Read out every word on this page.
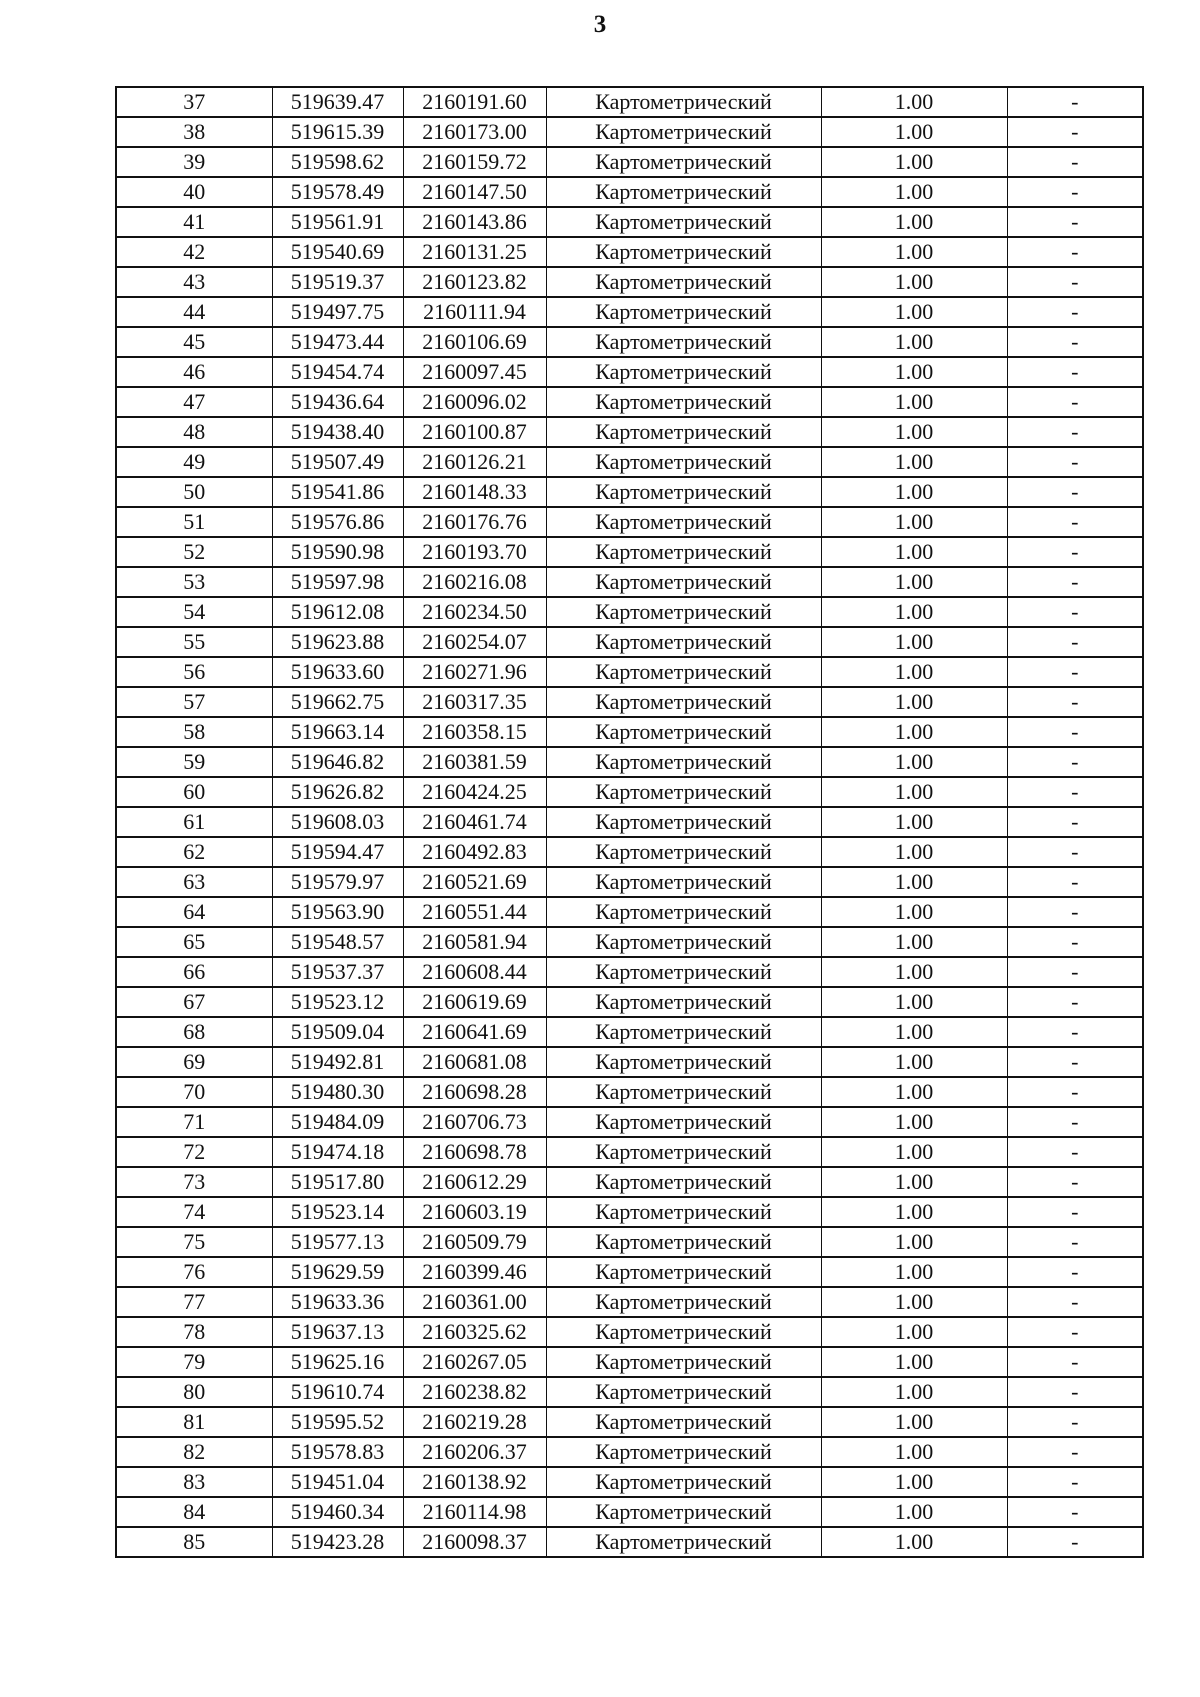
3
37	519639.47	2160191.60	Картометрический	1.00	-
38	519615.39	2160173.00	Картометрический	1.00	-
39	519598.62	2160159.72	Картометрический	1.00	-
40	519578.49	2160147.50	Картометрический	1.00	-
41	519561.91	2160143.86	Картометрический	1.00	-
42	519540.69	2160131.25	Картометрический	1.00	-
43	519519.37	2160123.82	Картометрический	1.00	-
44	519497.75	2160111.94	Картометрический	1.00	-
45	519473.44	2160106.69	Картометрический	1.00	-
46	519454.74	2160097.45	Картометрический	1.00	-
47	519436.64	2160096.02	Картометрический	1.00	-
48	519438.40	2160100.87	Картометрический	1.00	-
49	519507.49	2160126.21	Картометрический	1.00	-
50	519541.86	2160148.33	Картометрический	1.00	-
51	519576.86	2160176.76	Картометрический	1.00	-
52	519590.98	2160193.70	Картометрический	1.00	-
53	519597.98	2160216.08	Картометрический	1.00	-
54	519612.08	2160234.50	Картометрический	1.00	-
55	519623.88	2160254.07	Картометрический	1.00	-
56	519633.60	2160271.96	Картометрический	1.00	-
57	519662.75	2160317.35	Картометрический	1.00	-
58	519663.14	2160358.15	Картометрический	1.00	-
59	519646.82	2160381.59	Картометрический	1.00	-
60	519626.82	2160424.25	Картометрический	1.00	-
61	519608.03	2160461.74	Картометрический	1.00	-
62	519594.47	2160492.83	Картометрический	1.00	-
63	519579.97	2160521.69	Картометрический	1.00	-
64	519563.90	2160551.44	Картометрический	1.00	-
65	519548.57	2160581.94	Картометрический	1.00	-
66	519537.37	2160608.44	Картометрический	1.00	-
67	519523.12	2160619.69	Картометрический	1.00	-
68	519509.04	2160641.69	Картометрический	1.00	-
69	519492.81	2160681.08	Картометрический	1.00	-
70	519480.30	2160698.28	Картометрический	1.00	-
71	519484.09	2160706.73	Картометрический	1.00	-
72	519474.18	2160698.78	Картометрический	1.00	-
73	519517.80	2160612.29	Картометрический	1.00	-
74	519523.14	2160603.19	Картометрический	1.00	-
75	519577.13	2160509.79	Картометрический	1.00	-
76	519629.59	2160399.46	Картометрический	1.00	-
77	519633.36	2160361.00	Картометрический	1.00	-
78	519637.13	2160325.62	Картометрический	1.00	-
79	519625.16	2160267.05	Картометрический	1.00	-
80	519610.74	2160238.82	Картометрический	1.00	-
81	519595.52	2160219.28	Картометрический	1.00	-
82	519578.83	2160206.37	Картометрический	1.00	-
83	519451.04	2160138.92	Картометрический	1.00	-
84	519460.34	2160114.98	Картометрический	1.00	-
85	519423.28	2160098.37	Картометрический	1.00	-
